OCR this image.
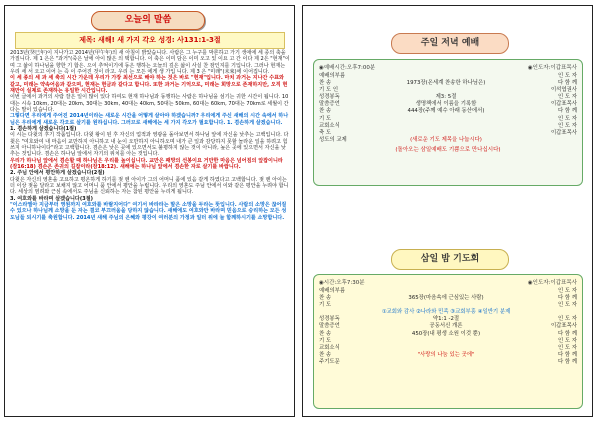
오늘의 말씀
제목: 새해! 새 가지 각오 성경: 사131:1-3절

2013년(癸巳年)이 지나가고 2014년(甲午年)의 새 아침이 밝았습니다. 사람은 그 누구를 막론하고 가기 생애에 세 종의 축을 가질니다. 제 1 은은 "과거"(죽은 날에 아이 많은 의 택합니다. 이 축은 이미 담은 이미 오고 있 이요 고 간 이다 제 2은 "현재"이 며 그 삶이 하나님을 향한 기 합은. 으이 추억이기에 동은 행하는 오늘의 깊은 삶이 사실 찬 잠인지를 기입니다. 그러나 현재는 우리 세 서 오고 이어 는 즉 이 주어진 것이 라고. 우리 는 모든 에게 생 가입 니다. 제 3 은 "미래"(未來)에 이어집니다.

이 세 종의 세 과 세 축의 시간 가운데 우리가 가장 최선으로 해야 하는 것은 바로 "현재"입니다. 마치 과거는 지나간 수표와 같고, 미래는 약속어음과 같으며, 현재는 현금과 같다고 합니다. 또한 과거는 기억으로, 미래는 희망으로 존재하지만, 오직 현재만이 실제로 존재하는 유일한 시간입니다.

이번 글에서 과거의 사람 잘은 일이 많이 있다 하여도 현재 하나님과 동행하는 사람은 하나님을 섬기는 귀한 시간이 됩니다. 10대는 시속 10km, 20대는 20km, 30대는 30km, 40대는 40km, 50대는 50km, 60대는 60km, 70대는 70km로 세월이 간다는 말이 있습니다.

그렇다면 우리에게 주어진 2014년이라는 새로운 시간을 어떻게 살아야 하겠습니까? 우리에게 주신 새해의 시간 속에서 하나님은 우리에게 새로운 각오로 살기를 원하십니다. 그러므로 새해에는 세 가지 각오가 필요합니다. 1. 겸손하게 살겠습니다.

1. 겸손하게 살겠습니다(1절)

이 시는 다윗의 후기 작품입니다. 다윗 왕이 된 후 자신의 업적과 영광을 돌아보면서 하나님 앞에 자신을 낮추는 고백입니다. 다윗은 "여호와여 내 마음이 교만하지 아니하고 내 눈이 오만하지 아니하오며 내가 큰 일과 감당하지 못할 놀라운 일을 하려고 힘쓰지 아니하나이다"라고 고백합니다. 겸손은 낮은 곳에 있으면서도 불평하지 않는 것이 아니라, 높은 곳에 있으면서 자신을 낮추는 것입니다. 겸손은 하나님 앞에서 자기의 위치를 아는 것입니다.

우리가 하나님 앞에서 겸손할 때 하나님은 우리를 높이십니다. 교만은 패망의 선봉이요 거만한 마음은 넘어짐의 앞잡이니라(잠16:18) 겸손은 존귀의 길잡이라(잠18:12). 새해에는 하나님 앞에서 겸손한 자로 살기를 바랍니다.

2. 주님 안에서 평안하게 살겠습니다(2절)

다윗은 자신의 영혼을 고요하고 평온하게 하기를 젖 뗀 아이가 그의 어머니 품에 있음 같게 하였다고 고백합니다. 젖 뗀 아이는 더 이상 젖을 달라고 보채지 않고 어머니 품 안에서 평안을 누립니다. 우리의 영혼도 주님 안에서 이와 같은 평안을 누려야 합니다. 세상의 염려와 근심 속에서도 주님을 신뢰하는 자는 참된 평안을 누리게 됩니다.

3. 여호와를 바라며 살겠습니다(3절)

"이스라엘아 지금부터 영원까지 여호와를 바랄지어다" 여기서 바라라는 말은 소망을 두라는 뜻입니다. 사람의 소망은 끊어질 수 있으나 하나님께 소망을 둔 자는 결코 부끄러움을 당하지 않습니다. 새해에도 여호와만 바라며 믿음으로 승리하는 모든 성도님들 되시기를 축원합니다. 2014년 새해 주님의 은혜와 평강이 여러분의 가정과 일터 위에 늘 함께하시기를 소망합니다.

주일 저녁 예배
◉예배시간:오후7:00분	◉인도자:이갑표목사
예배의부름	인 도 자
찬 송	1973장(온세계 찬송한 하나님은)	다 함 께
기 도 인	이석엽권사
성경봉독	제3: 5절	인 도 자
말씀증언	생명책에서 이름을 기록함	이갑표목사
찬 송	444장(주께 예수 아래 동산에서)	다 함 께
기 도	인 도 자
교회소식	인 도 자
축 도	이갑표목사
성도의 교제	(새로운 기도 제목을 나눕시다)
(돌아오는 삼일예배도 기쁨으로 만나십시다)
삼일 밤 기도회
◉시간:오후7:30분	◉인도자:이갑표목사
예배의부름	인 도 자
찬 송	365장(마음속에 근심있는 사람)	다 함 께
기 도	인 도 자
①교회와 감사 ②나라와 민족 ③교회부흥 ④일반기 분제
성경봉독	약1:1 -2절	인 도 자
말씀증언	공동서신 개론	이갑표목사
찬 송	450장(내 평생 소원 이것 뿐)	다 함 께
기 도	인 도 자
교회소식	인 도 자
찬 송	"사랑의 나눔 있는 곳에"	다 함 께
주기도문	다 함 께
